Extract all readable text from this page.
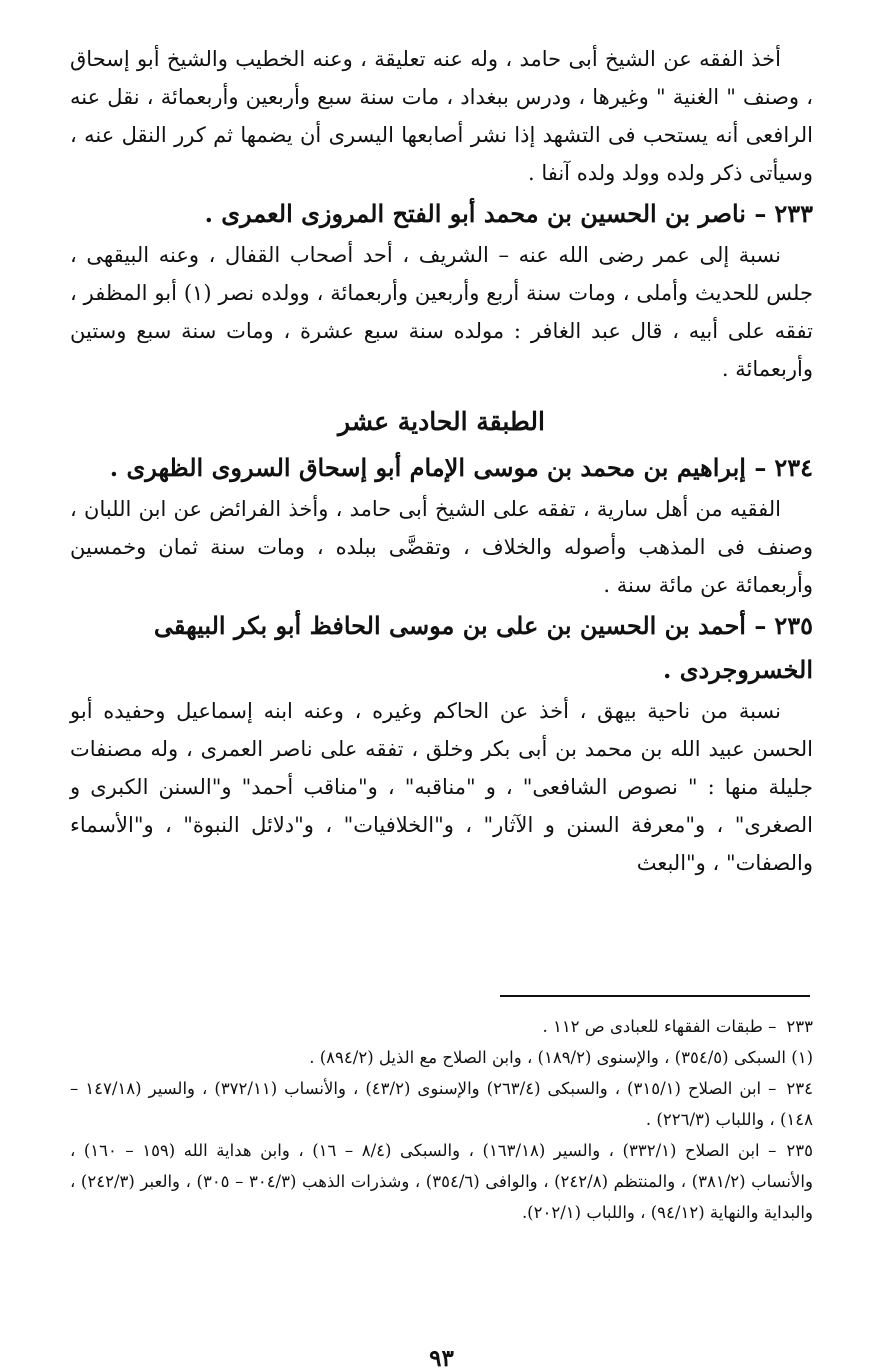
أخذ الفقه عن الشيخ أبى حامد ، وله عنه تعليقة ، وعنه الخطيب والشيخ أبو إسحاق ، وصنف " الغنية " وغيرها ، ودرس ببغداد ، مات سنة سبع وأربعين وأربعمائة ، نقل عنه الرافعى أنه يستحب فى التشهد إذا نشر أصابعها اليسرى أن يضمها ثم كرر النقل عنه ، وسيأتى ذكر ولده وولد ولده آنفا .

٢٣٣– ناصر بن الحسين بن محمد أبو الفتح المروزى العمرى .

نسبة إلى عمر رضى الله عنه – الشريف ، أحد أصحاب القفال ، وعنه البيقهى ، جلس للحديث وأملى ، ومات سنة أربع وأربعين وأربعمائة ، وولده نصر (١) أبو المظفر ، تفقه على أبيه ، قال عبد الغافر : مولده سنة سبع عشرة ، ومات سنة سبع وستين وأربعمائة .

الطبقة الحادية عشر
٢٣٤– إبراهيم بن محمد بن موسى الإمام أبو إسحاق السروى الظهرى .

الفقيه من أهل سارية ، تفقه على الشيخ أبى حامد ، وأخذ الفرائض عن ابن اللبان ، وصنف فى المذهب وأصوله والخلاف ، وتقضَّى ببلده ، ومات سنة ثمان وخمسين وأربعمائة عن مائة سنة .

٢٣٥– أحمد بن الحسين بن على بن موسى الحافظ أبو بكر البيهقى الخسروجردى .

نسبة من ناحية بيهق ، أخذ عن الحاكم وغيره ، وعنه ابنه إسماعيل وحفيده أبو الحسن عبيد الله بن محمد بن أبى بكر وخلق ، تفقه على ناصر العمرى ، وله مصنفات جليلة منها : " نصوص الشافعى" ، و "مناقبه" ، و"مناقب أحمد" و"السنن الكبرى و الصغرى" ، و"معرفة السنن و الآثار" ، و"الخلافيات" ، و"دلائل النبوة" ، و"الأسماء والصفات" ، و"البعث

٢٣٣– طبقات الفقهاء للعبادى ص ١١٢ .

(١) السبكى (٣٥٤/٥) ، والإسنوى (١٨٩/٢) ، وابن الصلاح مع الذيل (٨٩٤/٢) .

٢٣٤– ابن الصلاح (٣١٥/١) ، والسبكى (٢٦٣/٤) والإسنوى (٤٣/٢) ، والأنساب (٣٧٢/١١) ، والسير (١٤٧/١٨ – ١٤٨) ، واللباب (٢٢٦/٣) .

٢٣٥– ابن الصلاح (٣٣٢/١) ، والسير (١٦٣/١٨) ، والسبكى (٨/٤ – ١٦) ، وابن هداية الله (١٥٩ – ١٦٠) ، والأنساب (٣٨١/٢) ، والمنتظم (٢٤٢/٨) ، والوافى (٣٥٤/٦) ، وشذرات الذهب (٣٠٤/٣ – ٣٠٥) ، والعبر (٢٤٢/٣) ، والبداية والنهاية (٩٤/١٢) ، واللباب (٢٠٢/١).

٩٣
